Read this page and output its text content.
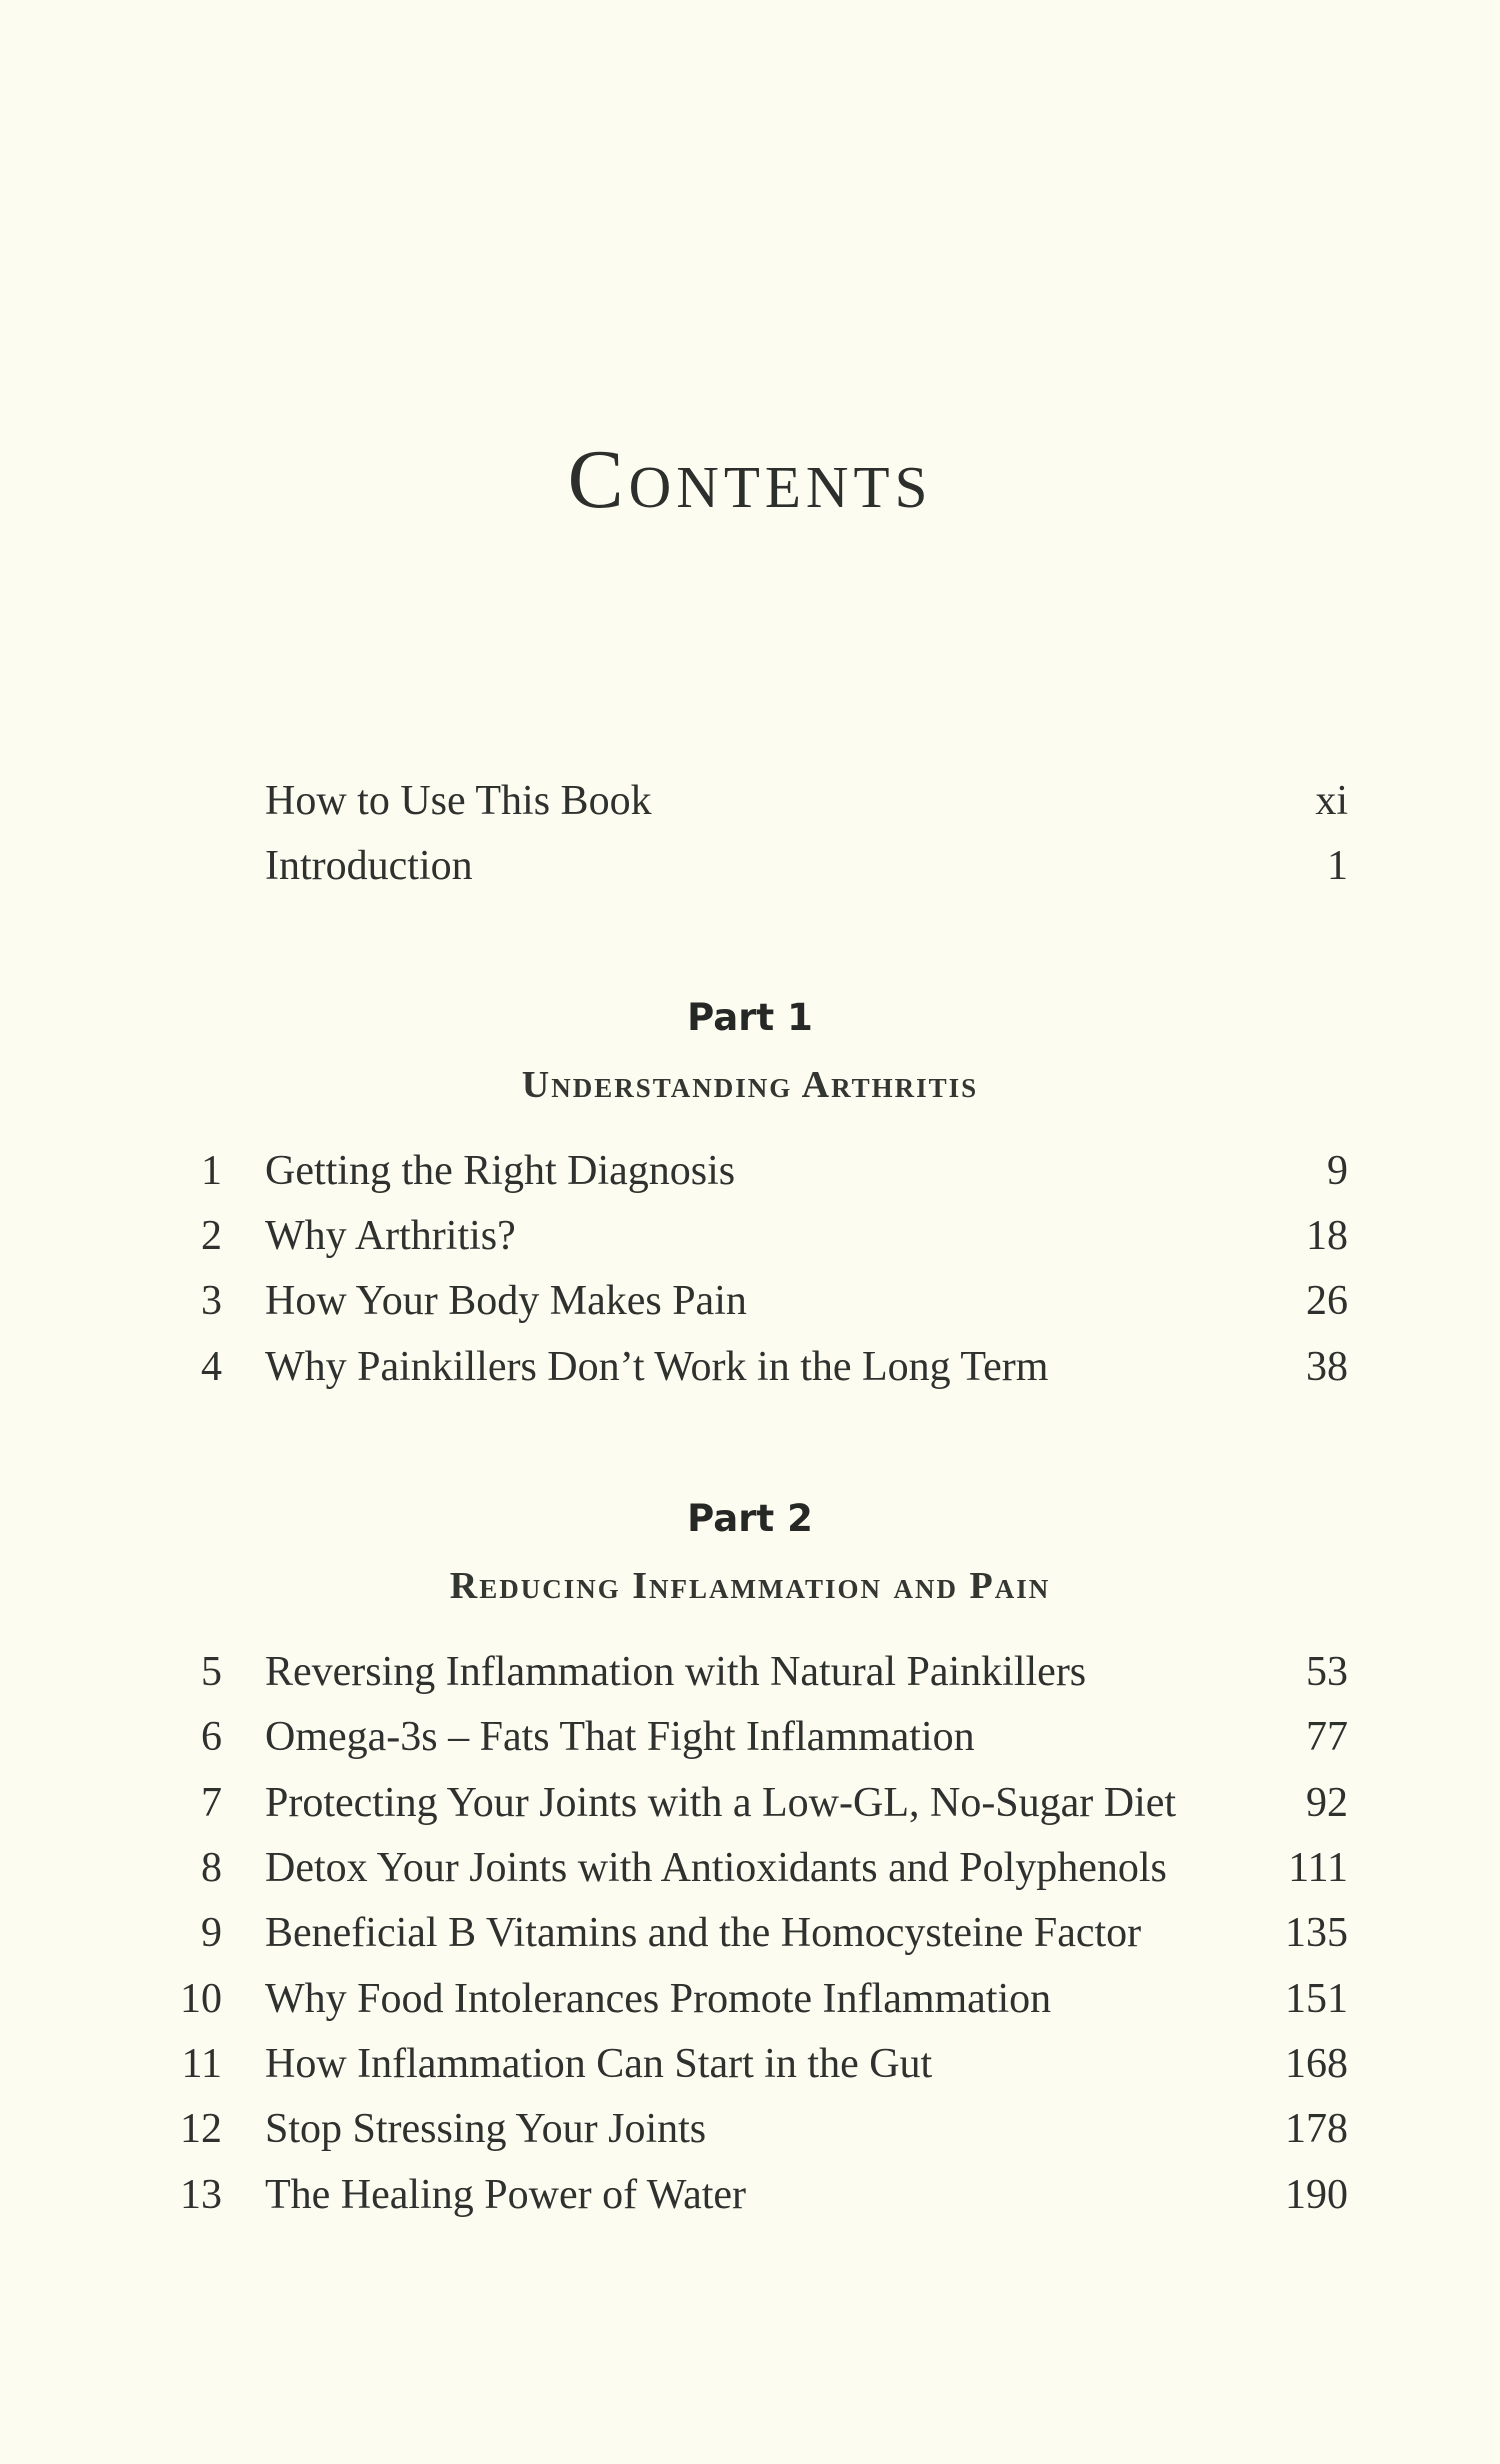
Contents
How to Use This Book	xi
Introduction	1
Part 1
Understanding Arthritis
1 Getting the Right Diagnosis	9
2 Why Arthritis?	18
3 How Your Body Makes Pain	26
4 Why Painkillers Don’t Work in the Long Term	38
Part 2
Reducing Inflammation and Pain
5 Reversing Inflammation with Natural Painkillers	53
6 Omega-3s – Fats That Fight Inflammation	77
7 Protecting Your Joints with a Low-GL, No-Sugar Diet	92
8 Detox Your Joints with Antioxidants and Polyphenols	111
9 Beneficial B Vitamins and the Homocysteine Factor	135
10 Why Food Intolerances Promote Inflammation	151
11 How Inflammation Can Start in the Gut	168
12 Stop Stressing Your Joints	178
13 The Healing Power of Water	190
